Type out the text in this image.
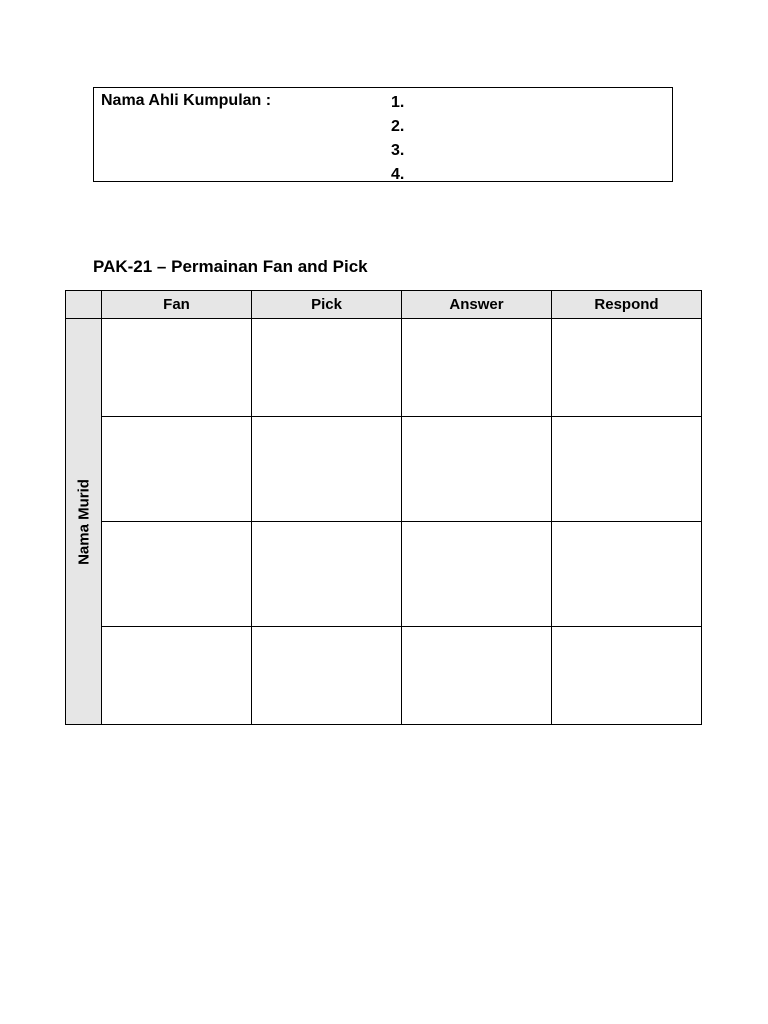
Nama Ahli Kumpulan :	1.
2.
3.
4.
PAK-21 – Permainan Fan and Pick
	Fan	Pick	Answer	Respond

Nama Murid				
